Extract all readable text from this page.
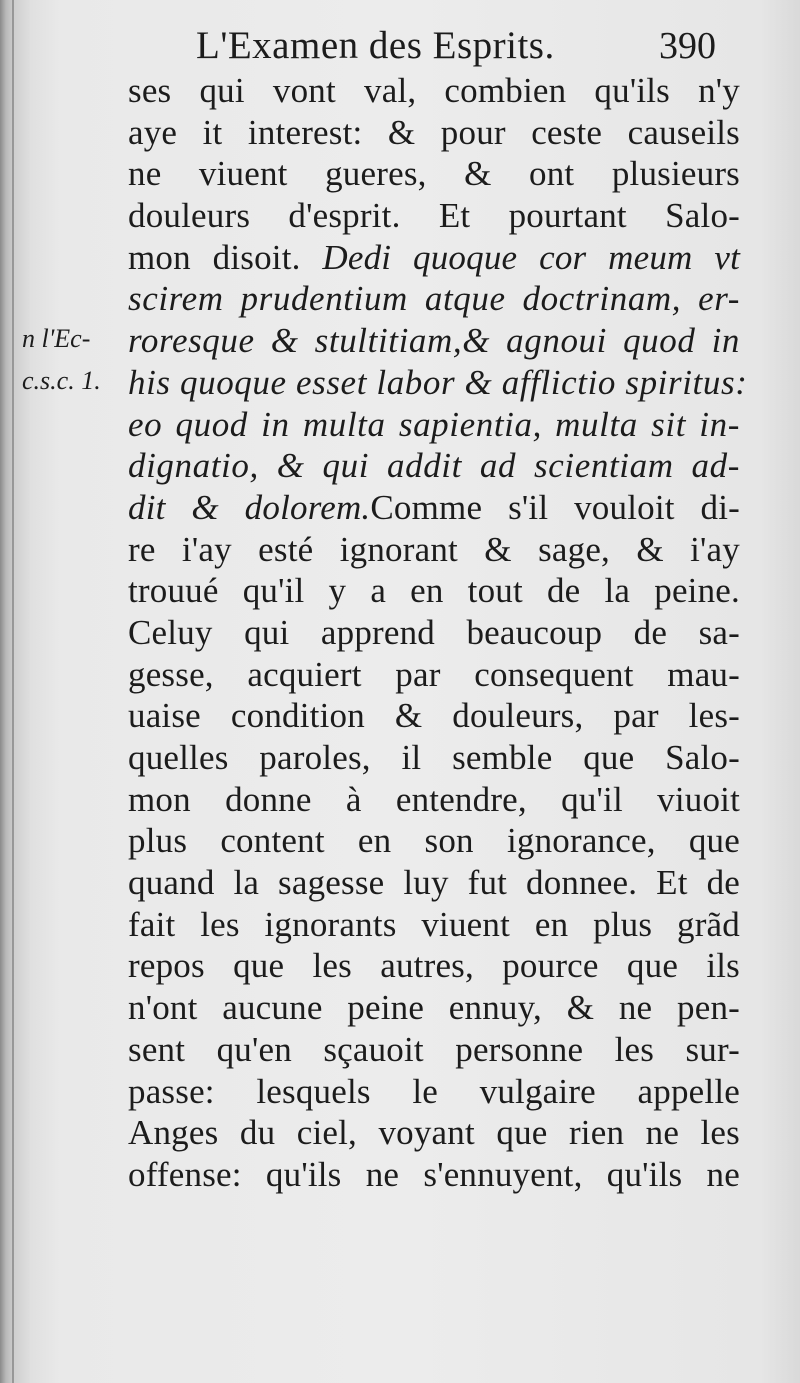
L'Examen des Esprits.	390
n l'Ec-
c.s.c. 1.
ses qui vont val, combien qu'ils n'y
aye it interest: & pour ceste causeils
ne viuent gueres, & ont plusieurs
douleurs d'esprit. Et pourtant Salo-
mon disoit. Dedi quoque cor meum vt
scirem prudentium atque doctrinam, er-
roresque & stultitiam,& agnoui quod in
his quoque esset labor & afflictio spiritus:
eo quod in multa sapientia, multa sit in-
dignatio, & qui addit ad scientiam ad-
dit & dolorem.Comme s'il vouloit di-
re i'ay esté ignorant & sage, & i'ay
trouué qu'il y a en tout de la peine.
Celuy qui apprend beaucoup de sa-
gesse, acquiert par consequent mau-
uaise condition & douleurs, par les-
quelles paroles, il semble que Salo-
mon donne à entendre, qu'il viuoit
plus content en son ignorance, que
quand la sagesse luy fut donnee. Et de
fait les ignorants viuent en plus grãd
repos que les autres, pource que ils
n'ont aucune peine ennuy, & ne pen-
sent qu'en sçauoit personne les sur-
passe: lesquels le vulgaire appelle
Anges du ciel, voyant que rien ne les
offense: qu'ils ne s'ennuyent, qu'ils ne
